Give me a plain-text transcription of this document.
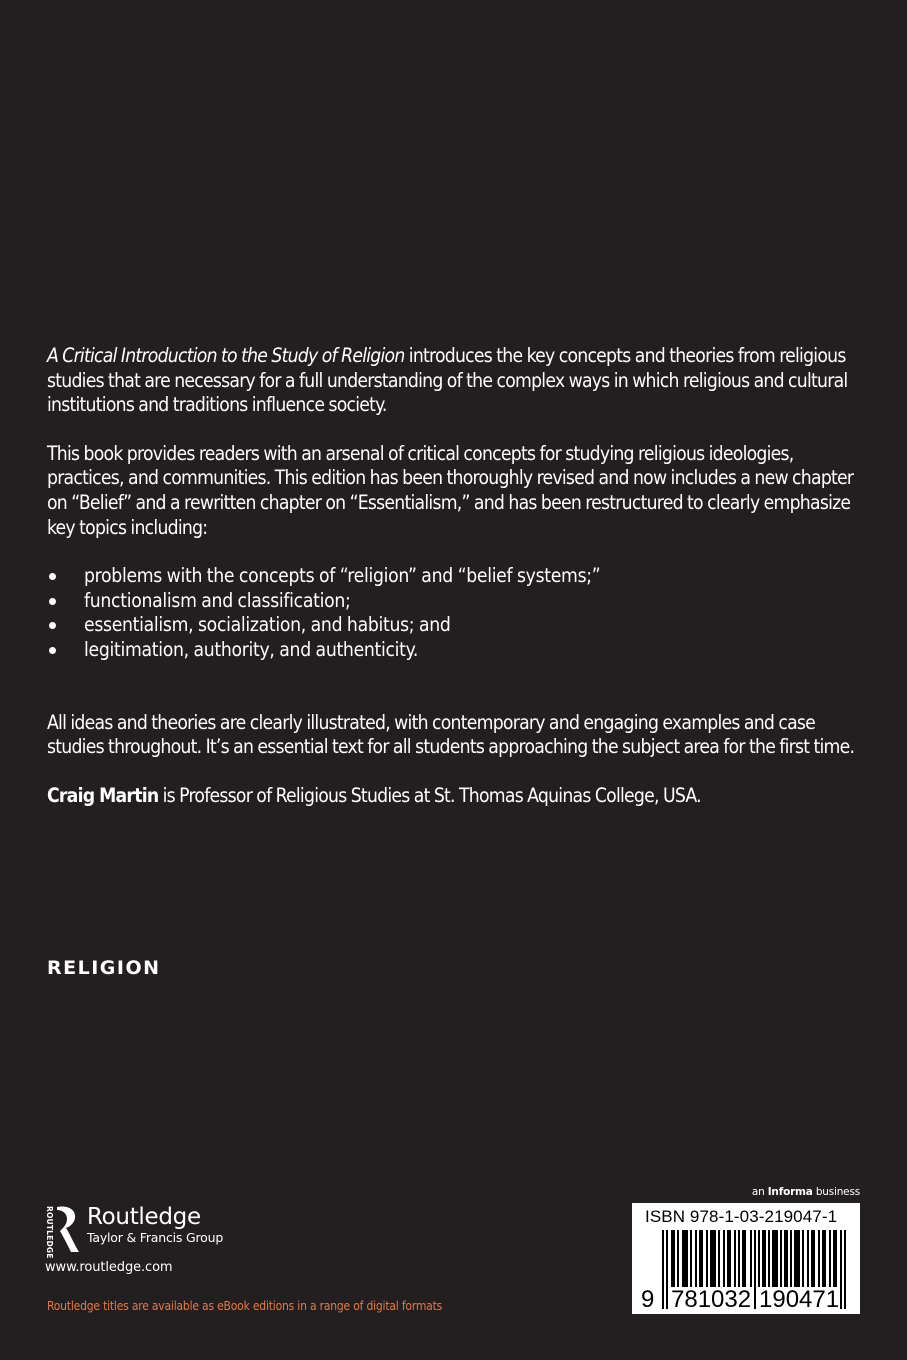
A Critical Introduction to the Study of Religion introduces the key concepts and theories from religious studies that are necessary for a full understanding of the complex ways in which religious and cultural institutions and traditions influence society.

This book provides readers with an arsenal of critical concepts for studying religious ideologies, practices, and communities. This edition has been thoroughly revised and now includes a new chapter on “Belief” and a rewritten chapter on “Essentialism,” and has been restructured to clearly emphasize key topics including:

problems with the concepts of “religion” and “belief systems;”
functionalism and classification;
essentialism, socialization, and habitus; and
legitimation, authority, and authenticity.

All ideas and theories are clearly illustrated, with contemporary and engaging examples and case studies throughout. It’s an essential text for all students approaching the subject area for the first time.

Craig Martin is Professor of Religious Studies at St. Thomas Aquinas College, USA.

RELIGION
ROUTLEDGE Routledge
Taylor & Francis Group
www.routledge.com
Routledge titles are available as eBook editions in a range of digital formats
an Informa business
ISBN 978-1-03-219047-1
9 781032 190471
